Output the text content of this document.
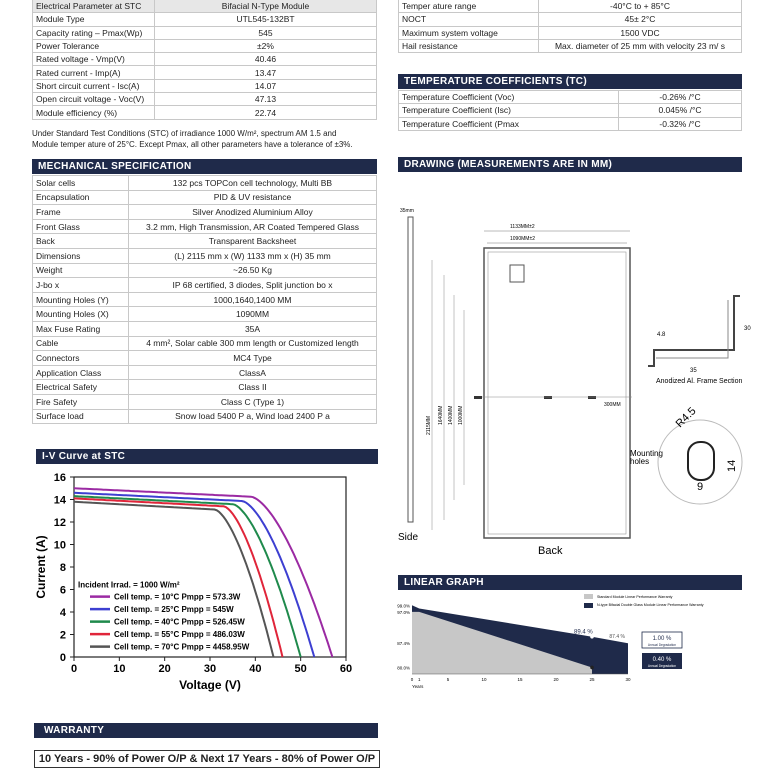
Electrical Parameter at STC	Bifacial N-Type Module
Module Type	UTL545-132BT
Capacity rating – Pmax(Wp)	545
Power Tolerance	±2%
Rated voltage - Vmp(V)	40.46
Rated current - Imp(A)	13.47
Short circuit current - Isc(A)	14.07
Open circuit voltage - Voc(V)	47.13
Module efficiency (%)	22.74
Under Standard Test Conditions (STC) of irradiance 1000 W/m², spectrum AM 1.5 and
Module temper ature of 25°C. Except Pmax, all other parameters have a tolerance of ±3%.
Temper ature range	-40°C to + 85°C
NOCT	45± 2°C
Maximum system voltage	1500 VDC
Hail resistance	Max. diameter of 25 mm with velocity 23 m/ s
TEMPERATURE COEFFICIENTS (TC)
Temperature Coefficient (Voc)	-0.26% /°C
Temperature Coefficient (Isc)	0.045% /°C
Temperature Coefficient (Pmax	-0.32% /°C
MECHANICAL SPECIFICATION
Solar cells	132 pcs TOPCon cell technology, Multi BB
Encapsulation	PID & UV resistance
Frame	Silver Anodized Aluminium Alloy
Front Glass	3.2 mm, High Transmission, AR Coated Tempered Glass
Back	Transparent Backsheet
Dimensions	(L) 2115 mm x (W) 1133 mm x (H) 35 mm
Weight	~26.50 Kg
J-bo x	IP 68 certified, 3 diodes, Split junction bo x
Mounting Holes (Y)	1000,1640,1400 MM
Mounting Holes (X)	1090MM
Max Fuse Rating	35A
Cable	4 mm², Solar cable 300 mm length or Customized length
Connectors	MC4 Type
Application Class	ClassA
Electrical Safety	Class II
Fire Safety	Class C (Type 1)
Surface load	Snow load 5400 P a, Wind load 2400 P a
DRAWING (MEASUREMENTS ARE IN MM)
35mm
Side
1133MM±2
1090MM±2
2115MM
1640MM 1400MM 1000MM
300MM
Back
4.8
35
30
Anodized Al. Frame Section
R4.5
Mounting
holes
9
14
I-V Curve at STC
0
2
4
6
8
10
12
14
16
0	10	20	30	40	50	60
Voltage (V)
Current (A)	Incident Irrad. = 1000 W/m²
Cell temp. = 10°C Pmpp = 573.3W
Cell temp. = 25°C Pmpp = 545W
Cell temp. = 40°C Pmpp = 526.45W
Cell temp. = 55°C Pmpp = 486.03W
Cell temp. = 70°C Pmpp = 4458.95W
LINEAR GRAPH
99.0%
97.0%
87.4%
80.0%
0 1	5	10	15	20	25	30
Years
89.4 %
87.4 %
Standard Module Linear Performance Warranty
N-type Bifacial Double Glass Module Linear Performance Warranty
1.00 %
Annual Degradation
0.40 %
Annual Degradation
WARRANTY
10 Years - 90% of Power O/P & Next 17 Years - 80% of Power O/P
